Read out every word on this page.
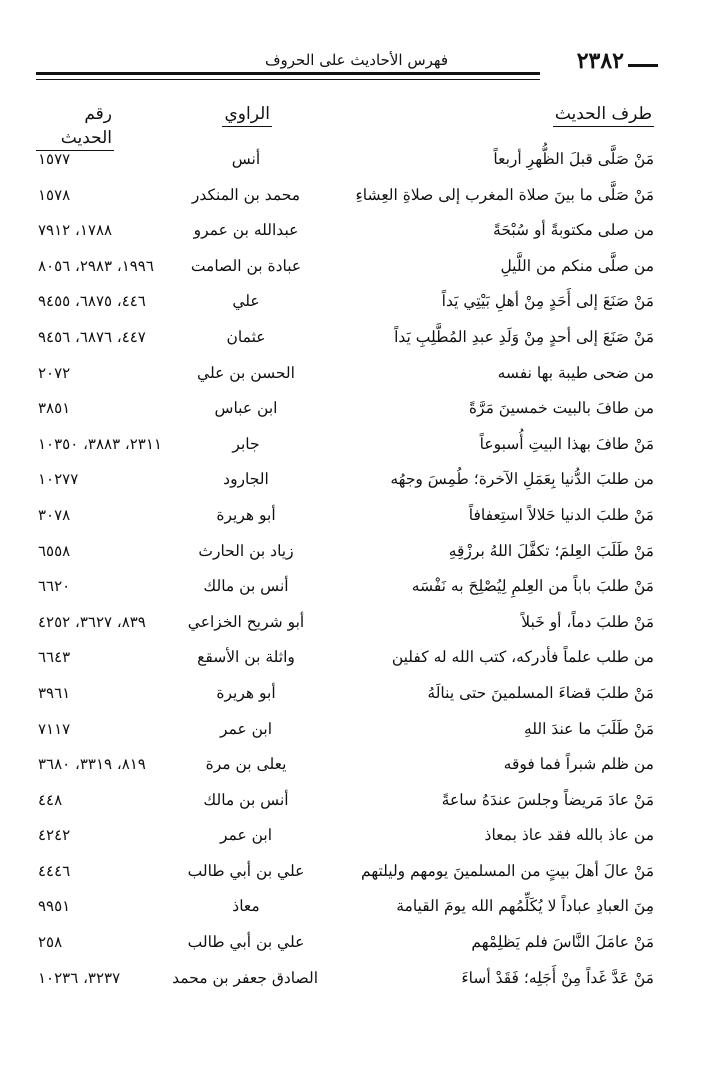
٢٣٨٢
فهرس الأحاديث على الحروف
طرف الحديث
الراوي
رقم الحديث
مَنْ صَلَّى قبلَ الظُّهرِ أربعاً
أنس
١٥٧٧
مَنْ صَلَّى ما بينَ صلاة المغرب إلى صلاةِ العِشاءِ
محمد بن المنكدر
١٥٧٨
من صلى مكتوبةً أو سُبْحَةً
عبدالله بن عمرو
١٧٨٨، ٧٩١٢
من صلَّى منكم من اللَّيلِ
عبادة بن الصامت
١٩٩٦، ٢٩٨٣، ٨٠٥٦
مَنْ صَنَعَ إلى أَحَدٍ مِنْ أهلِ بَيْتِي يَداً
علي
٤٤٦، ٦٨٧٥، ٩٤٥٥
مَنْ صَنَعَ إلى أحدٍ مِنْ وَلَدِ عبدِ المُطَّلِبِ يَداً
عثمان
٤٤٧، ٦٨٧٦، ٩٤٥٦
من ضحى طيبة بها نفسه
الحسن بن علي
٢٠٧٢
من طافَ بالبيت خمسينَ مَرَّةً
ابن عباس
٣٨٥١
مَنْ طافَ بهذا البيتِ أُسبوعاً
جابر
٢٣١١، ٣٨٨٣، ١٠٣٥٠
من طلبَ الدُّنيا بِعَمَلِ الآخرة؛ طُمِسَ وجهُه
الجارود
١٠٢٧٧
مَنْ طلبَ الدنيا حَلالاً استِعفافاً
أبو هريرة
٣٠٧٨
مَنْ طَلَبَ العِلمَ؛ تكفَّلَ اللهُ برزْقِهِ
زياد بن الحارث
٦٥٥٨
مَنْ طلبَ باباً من العِلمِ لِيُصْلِحَ به نَفْسَه
أنس بن مالك
٦٦٢٠
مَنْ طلبَ دماً، أو خَبلاً
أبو شريح الخزاعي
٨٣٩، ٣٦٢٧، ٤٢٥٢
من طلب علماً فأدركه، كتب الله له كفلين
واثلة بن الأسقع
٦٦٤٣
مَنْ طلبَ قضاءَ المسلمينَ حتى ينالَهُ
أبو هريرة
٣٩٦١
مَنْ طَلَبَ ما عندَ اللهِ
ابن عمر
٧١١٧
من ظلم شبراً فما فوقه
يعلى بن مرة
٨١٩، ٣٣١٩، ٣٦٨٠
مَنْ عادَ مَريضاً وجلسَ عندَهُ ساعةً
أنس بن مالك
٤٤٨
من عاذ بالله فقد عاذ بمعاذ
ابن عمر
٤٢٤٢
مَنْ عالَ أهلَ بيتٍ من المسلمينَ يومهم وليلتهم
علي بن أبي طالب
٤٤٤٦
مِنَ العبادِ عباداً لا يُكَلِّمُهم الله يومَ القيامة
معاذ
٩٩٥١
مَنْ عامَلَ النَّاسَ فلم يَظلِمْهم
علي بن أبي طالب
٢٥٨
مَنْ عَدَّ غَداً مِنْ أَجَلِه؛ فَقَدْ أساءَ
الصادق جعفر بن محمد
٣٢٣٧، ١٠٢٣٦
